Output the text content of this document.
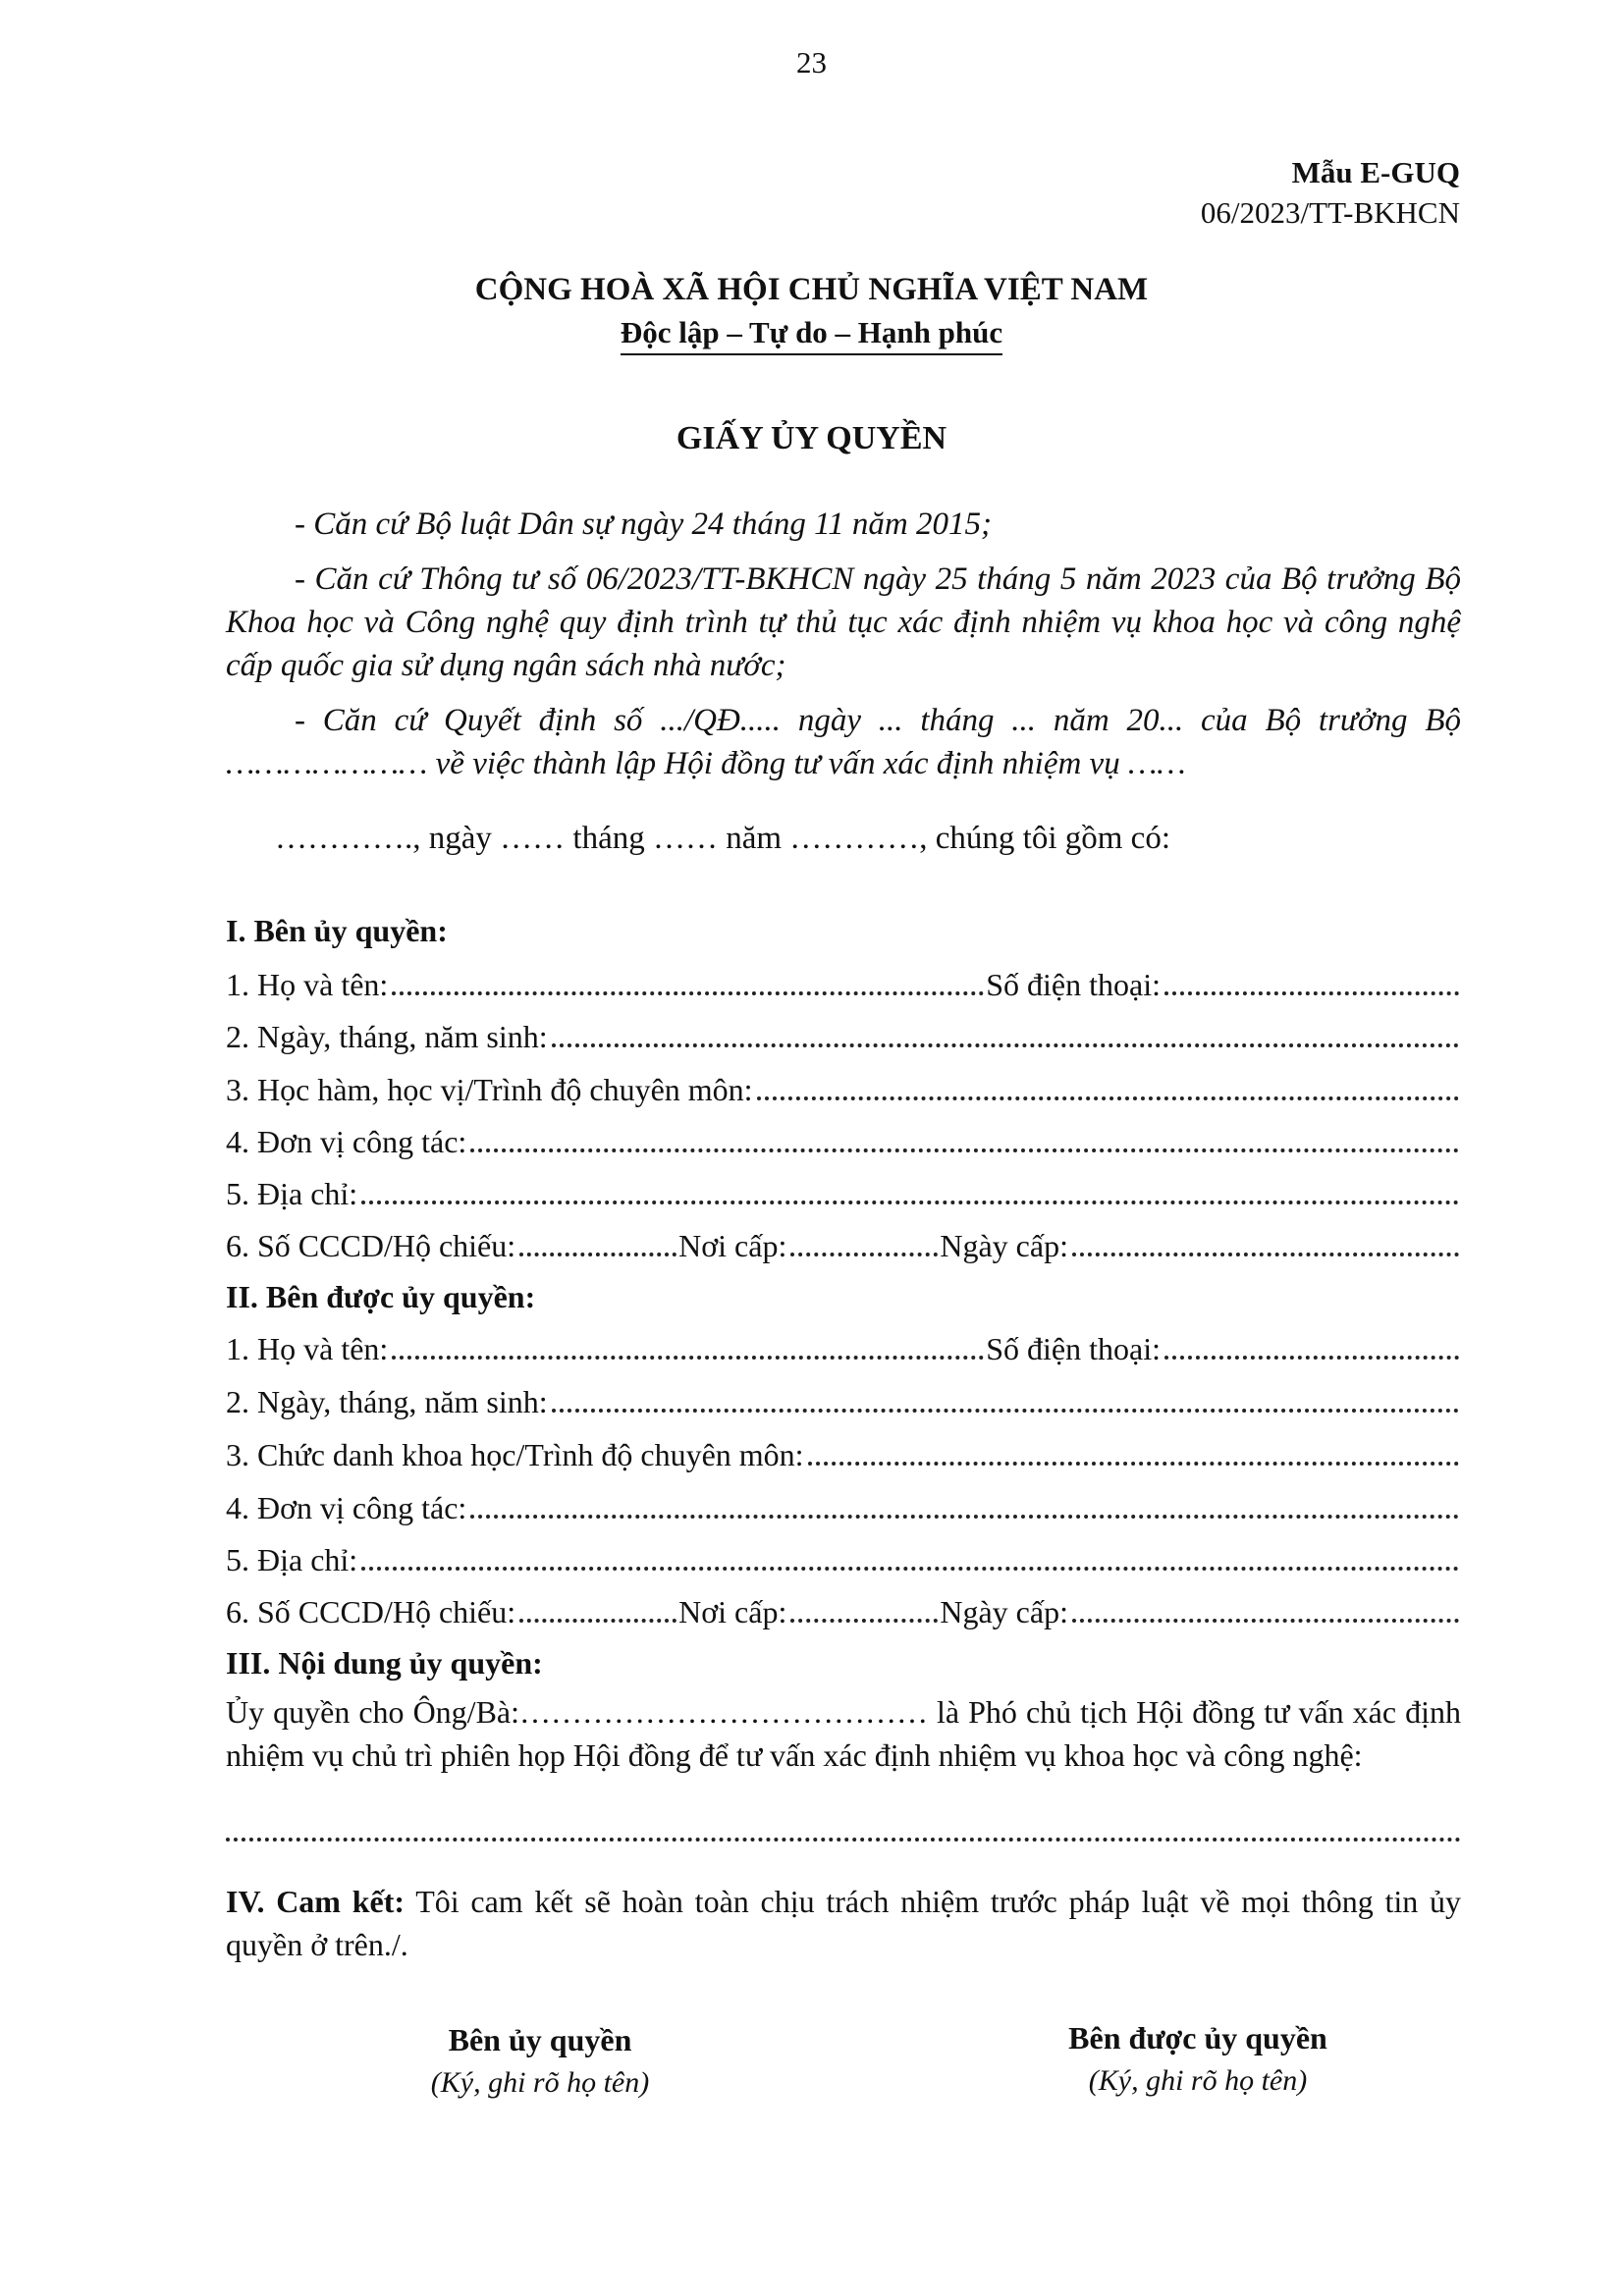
23
Mẫu E-GUQ
06/2023/TT-BKHCN
CỘNG HOÀ XÃ HỘI CHỦ NGHĨA VIỆT NAM
Độc lập – Tự do – Hạnh phúc
GIẤY ỦY QUYỀN

- Căn cứ Bộ luật Dân sự ngày 24 tháng 11 năm 2015;

- Căn cứ Thông tư số 06/2023/TT-BKHCN ngày 25 tháng 5 năm 2023 của Bộ trưởng Bộ Khoa học và Công nghệ quy định trình tự thủ tục xác định nhiệm vụ khoa học và công nghệ cấp quốc gia sử dụng ngân sách nhà nước;

- Căn cứ Quyết định số .../QĐ..... ngày ... tháng ... năm 20... của Bộ trưởng Bộ ………………… về việc thành lập Hội đồng tư vấn xác định nhiệm vụ ……

…………., ngày …… tháng …… năm …………, chúng tôi gồm có:
I. Bên ủy quyền:
1. Họ và tên:	Số điện thoại:
2. Ngày, tháng, năm sinh:
3. Học hàm, học vị/Trình độ chuyên môn:
4. Đơn vị công tác:
5. Địa chỉ:
6. Số CCCD/Hộ chiếu:	Nơi cấp:	Ngày cấp:
II. Bên được ủy quyền:
1. Họ và tên:	Số điện thoại:
2. Ngày, tháng, năm sinh:
3. Chức danh khoa học/Trình độ chuyên môn:
4. Đơn vị công tác:
5. Địa chỉ:
6. Số CCCD/Hộ chiếu:	Nơi cấp:	Ngày cấp:
III. Nội dung ủy quyền:

Ủy quyền cho Ông/Bà:………………………………… là Phó chủ tịch Hội đồng tư vấn xác định nhiệm vụ chủ trì phiên họp Hội đồng để tư vấn xác định nhiệm vụ khoa học và công nghệ:

IV. Cam kết: Tôi cam kết sẽ hoàn toàn chịu trách nhiệm trước pháp luật về mọi thông tin ủy quyền ở trên./.

Bên ủy quyền
(Ký, ghi rõ họ tên)
Bên được ủy quyền
(Ký, ghi rõ họ tên)
